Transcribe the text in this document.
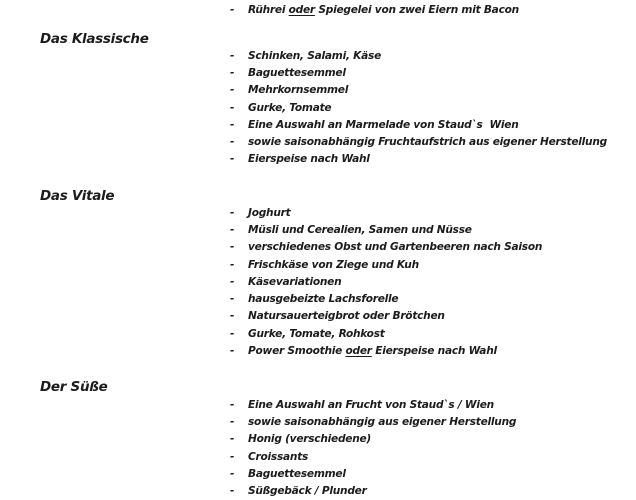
-	Rührei oder Spiegelei von zwei Eiern mit Bacon
Das Klassische
-	Schinken, Salami, Käse
-	Baguettesemmel
-	Mehrkornsemmel
-	Gurke, Tomate
-	Eine Auswahl an Marmelade von Staud`s  Wien
-	sowie saisonabhängig Fruchtaufstrich aus eigener Herstellung
-	Eierspeise nach Wahl
Das Vitale
-	Joghurt
-	Müsli und Cerealien, Samen und Nüsse
-	verschiedenes Obst und Gartenbeeren nach Saison
-	Frischkäse von Ziege und Kuh
-	Käsevariationen
-	hausgebeizte Lachsforelle
-	Natursauerteigbrot oder Brötchen
-	Gurke, Tomate, Rohkost
-	Power Smoothie oder Eierspeise nach Wahl
Der Süße
-	Eine Auswahl an Frucht von Staud`s / Wien
-	sowie saisonabhängig aus eigener Herstellung
-	Honig (verschiedene)
-	Croissants
-	Baguettesemmel
-	Süßgebäck / Plunder
